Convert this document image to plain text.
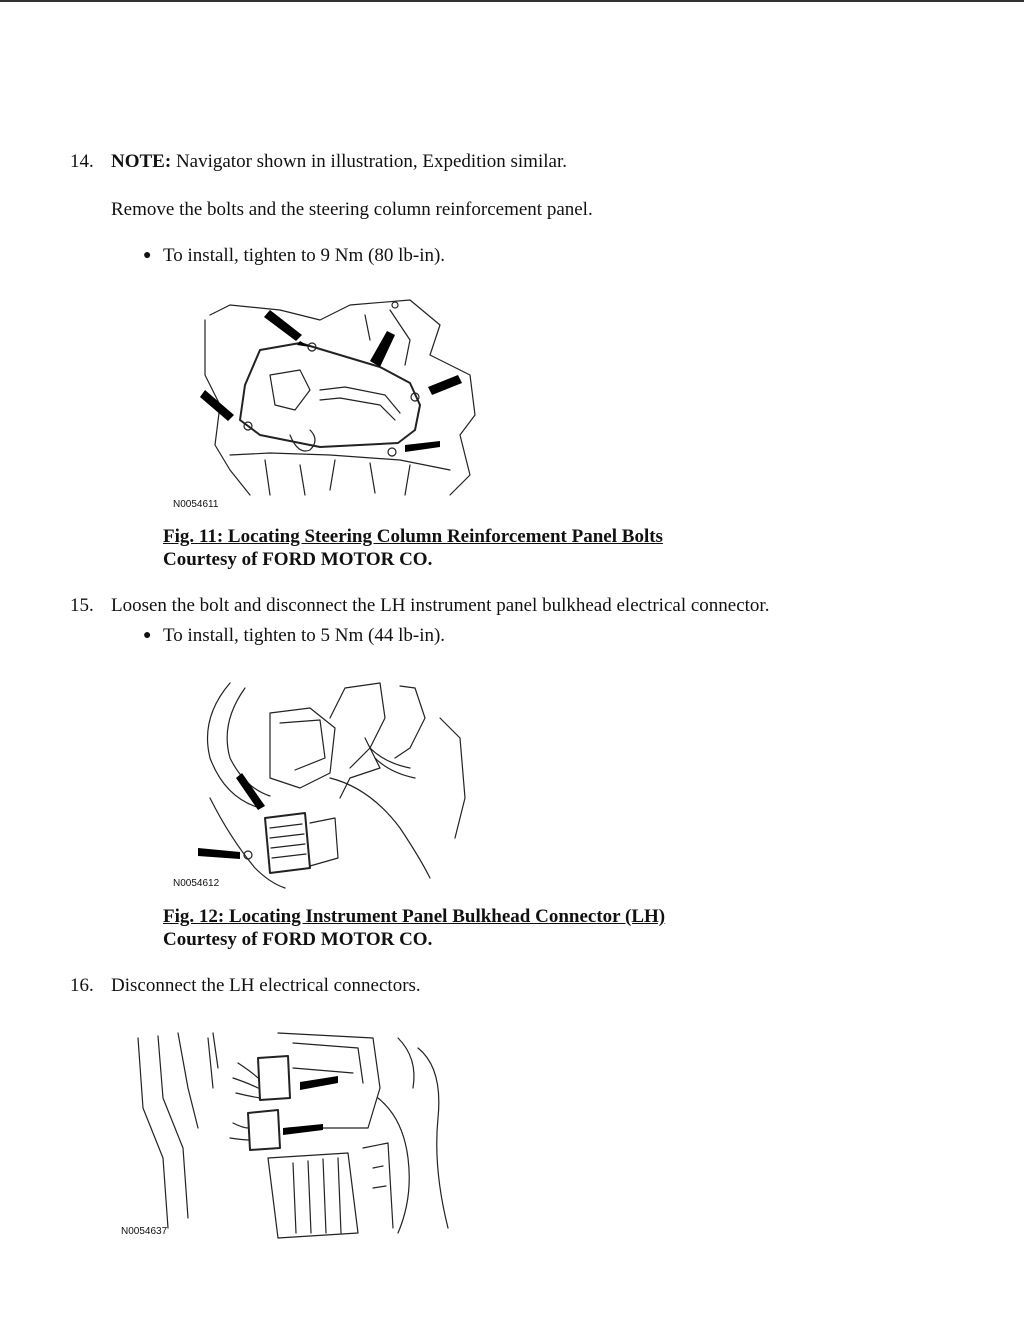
14. NOTE: Navigator shown in illustration, Expedition similar.
Remove the bolts and the steering column reinforcement panel.
● To install, tighten to 9 Nm (80 lb-in).
N0054611
Fig. 11: Locating Steering Column Reinforcement Panel Bolts
Courtesy of FORD MOTOR CO.
15. Loosen the bolt and disconnect the LH instrument panel bulkhead electrical connector.
● To install, tighten to 5 Nm (44 lb-in).
N0054612
Fig. 12: Locating Instrument Panel Bulkhead Connector (LH)
Courtesy of FORD MOTOR CO.
16. Disconnect the LH electrical connectors.
N0054637
